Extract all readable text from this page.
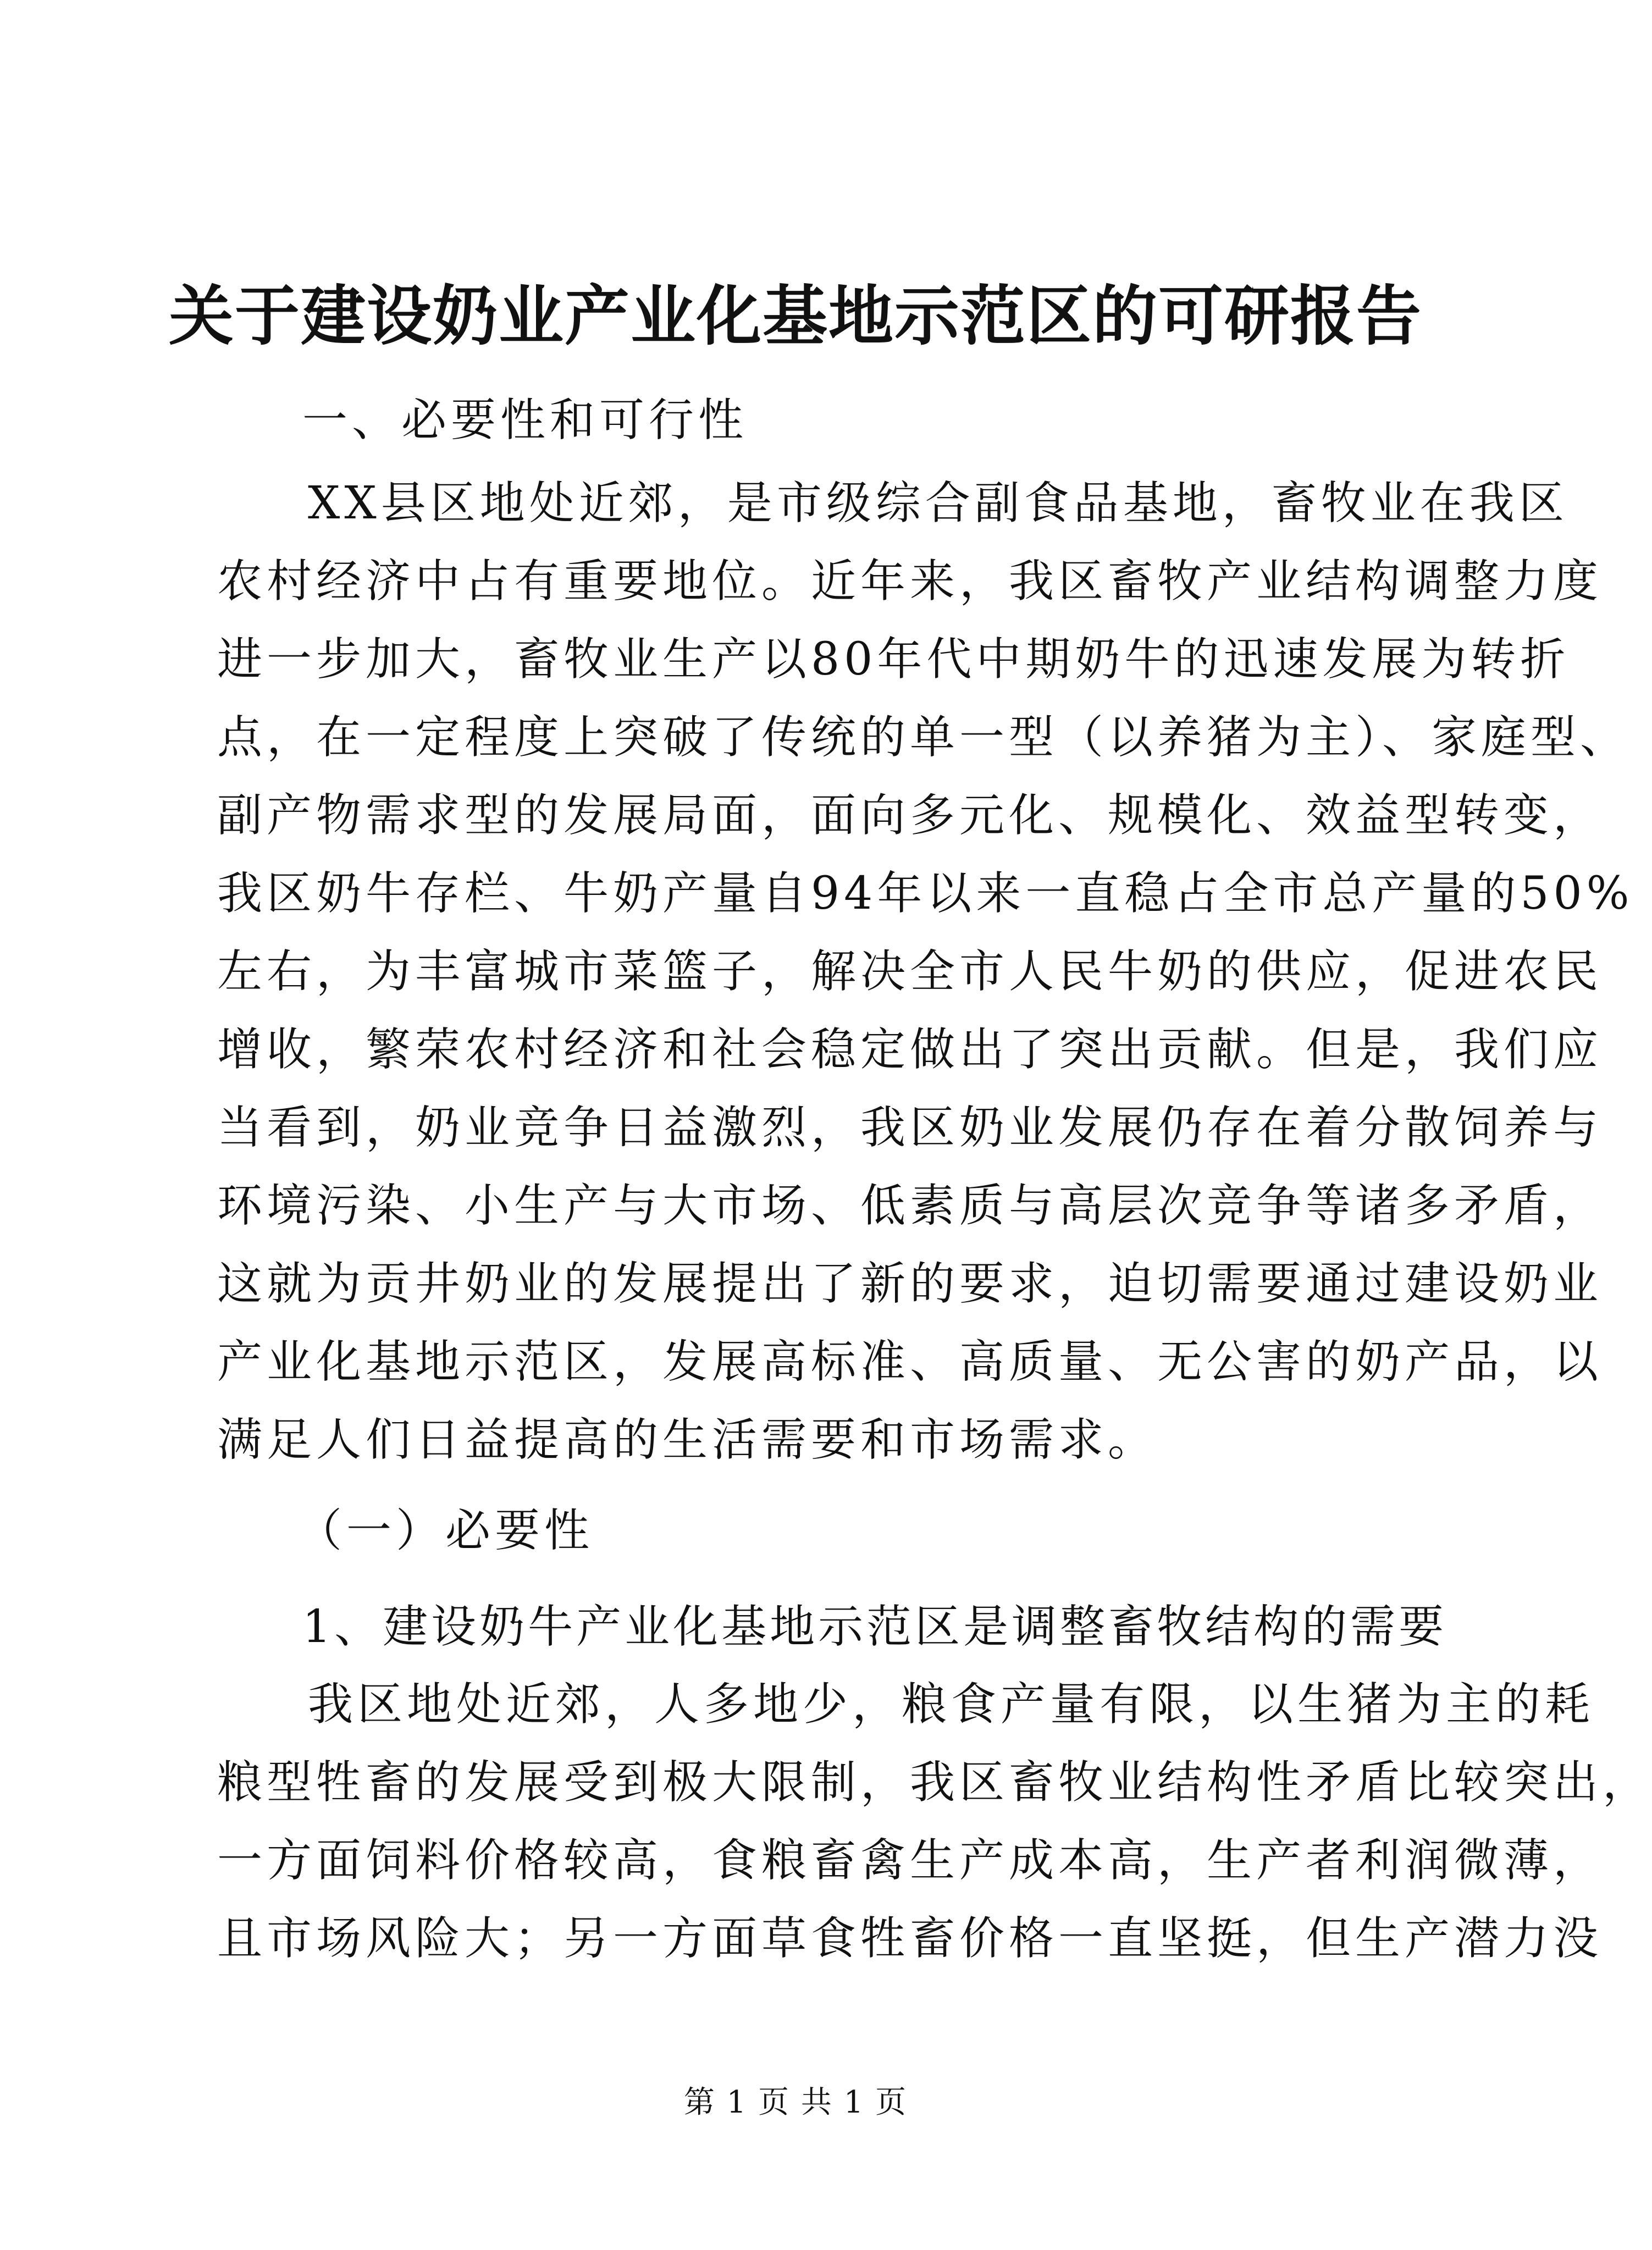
关于建设奶业产业化基地示范区的可研报告
一、必要性和可行性
XX县区地处近郊，是市级综合副食品基地，畜牧业在我区
农村经济中占有重要地位。近年来，我区畜牧产业结构调整力度
进一步加大，畜牧业生产以80年代中期奶牛的迅速发展为转折
点，在一定程度上突破了传统的单一型（以养猪为主）、家庭型、
副产物需求型的发展局面，面向多元化、规模化、效益型转变，
我区奶牛存栏、牛奶产量自94年以来一直稳占全市总产量的50%
左右，为丰富城市菜篮子，解决全市人民牛奶的供应，促进农民
增收，繁荣农村经济和社会稳定做出了突出贡献。但是，我们应
当看到，奶业竞争日益激烈，我区奶业发展仍存在着分散饲养与
环境污染、小生产与大市场、低素质与高层次竞争等诸多矛盾，
这就为贡井奶业的发展提出了新的要求，迫切需要通过建设奶业
产业化基地示范区，发展高标准、高质量、无公害的奶产品，以
满足人们日益提高的生活需要和市场需求。
（一）必要性
1、建设奶牛产业化基地示范区是调整畜牧结构的需要
我区地处近郊，人多地少，粮食产量有限，以生猪为主的耗
粮型牲畜的发展受到极大限制，我区畜牧业结构性矛盾比较突出，
一方面饲料价格较高，食粮畜禽生产成本高，生产者利润微薄，
且市场风险大；另一方面草食牲畜价格一直坚挺，但生产潜力没
第 1 页 共 1 页
